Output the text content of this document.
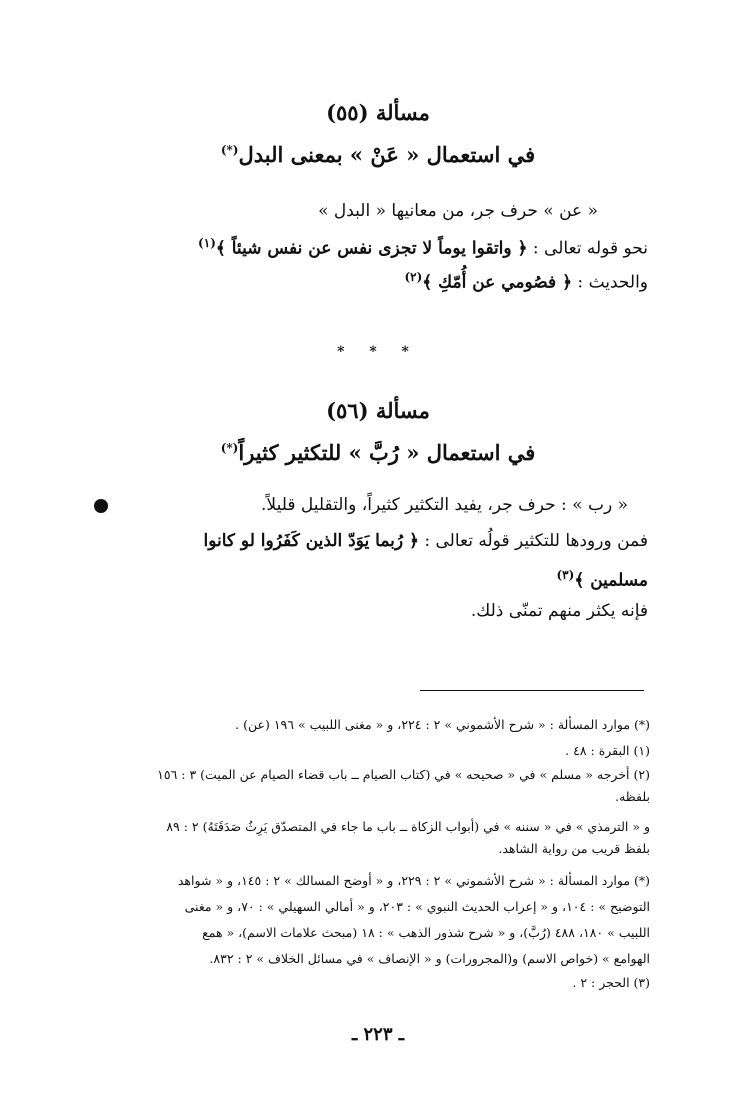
مسألة (٥٥)
في استعمال « عَنْ » بمعنى البدل(*)
« عن » حرف جر، من معانيها « البدل »
نحو قوله تعالى : ﴿ واتقوا يوماً لا تجزى نفس عن نفس شيئاً ﴾$^{(١)}$
والحديث : ﴿ فصُومي عن أُمّكِ ﴾$^{(٢)}$
* * *
مسألة (٥٦)
في استعمال « رُبَّ » للتكثير كثيراً(*)
« رب » : حرف جر، يفيد التكثير كثيراً، والتقليل قليلاً.
فمن ورودها للتكثير قولُه تعالى : ﴿ رُبما يَوَدّ الذين كَفَرُوا لو كانوا
مسلمين ﴾$^{(٣)}$
فإنه يكثر منهم تمنّى ذلك.
(*) موارد المسألة : « شرح الأشموني » ٢ : ٢٢٤، و « مغنى اللبيب » ١٩٦ (عن) .
(١) البقرة : ٤٨ .
(٢) أخرجه « مسلم » في « صحيحه » في (كتاب الصيام ــ باب قضاء الصيام عن الميت) ٣ : ١٥٦
بلفظه.
و « الترمذي » في « سننه » في (أبواب الزكاة ــ باب ما جاء في المتصدّق يَرِثُ صَدَقَتَهُ) ٢ : ٨٩
بلفظ قريب من رواية الشاهد.
(*) موارد المسألة : « شرح الأشموني » ٢ : ٢٢٩، و « أوضح المسالك » ٢ : ١٤٥، و « شواهد
التوضيح » : ١٠٤، و « إعراب الحديث النبوي » : ٢٠٣، و « أمالي السهيلي » : ٧٠، و « مغنى
اللبيب » ١٨٠، ٤٨٨ (رُبَّ)، و « شرح شذور الذهب » : ١٨ (مبحث علامات الاسم)، « همع
الهوامع » (خواص الاسم) و(المجرورات) و « الإنصاف » في مسائل الخلاف » ٢ : ٨٣٢.
(٣) الحجر : ٢ .
ـ ٢٢٣ ـ
